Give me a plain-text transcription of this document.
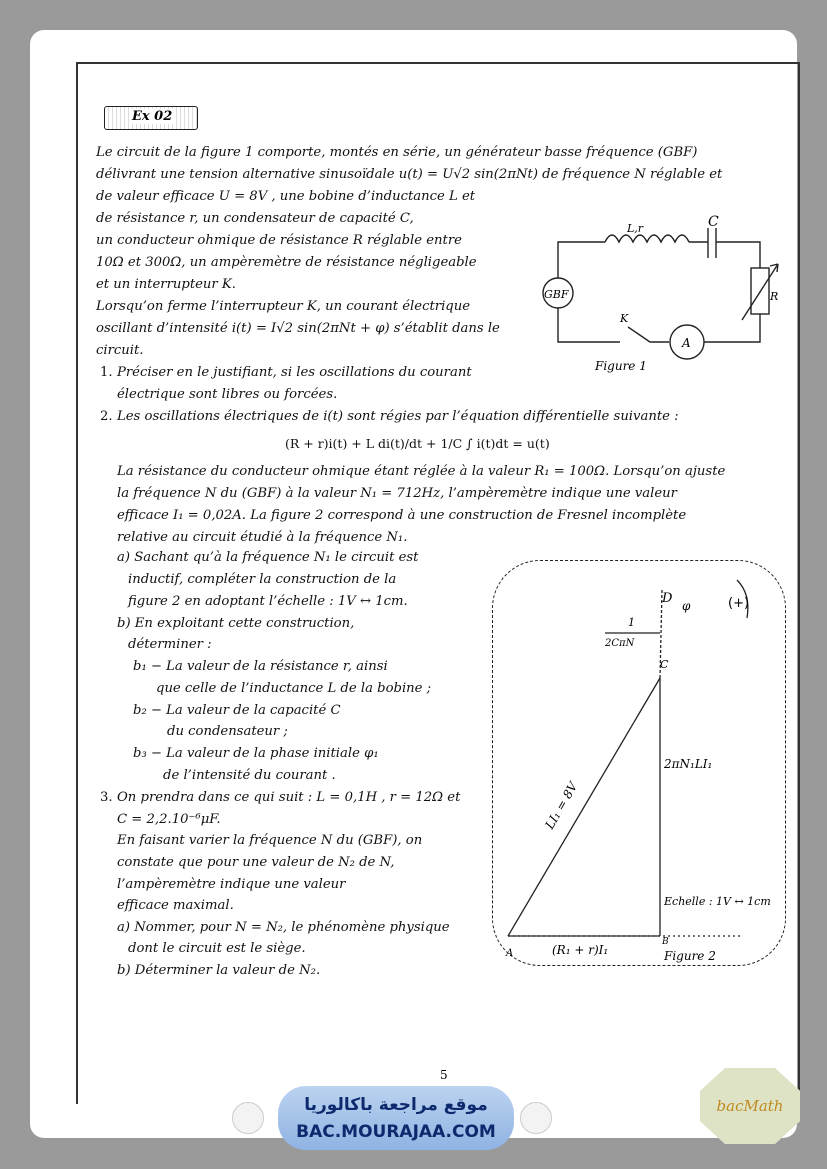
Ex 02
Le circuit de la figure 1 comporte, montés en série, un générateur basse fréquence (GBF)
délivrant une tension alternative sinusoïdale u(t) = U√2 sin(2πNt) de fréquence N réglable et
de valeur efficace U = 8V , une bobine d’inductance L et
de résistance r, un condensateur de capacité C,
un conducteur ohmique de résistance R réglable entre
10Ω et 300Ω, un ampèremètre de résistance négligeable
et un interrupteur K.
Lorsqu’on ferme l’interrupteur K, un courant électrique
oscillant d’intensité i(t) = I√2 sin(2πNt + φ) s’établit dans le
circuit.
1. Préciser en le justifiant, si les oscillations du courant
électrique sont libres ou forcées.
2. Les oscillations électriques de i(t) sont régies par l’équation différentielle suivante :
(R + r)i(t) + L di(t)/dt + 1/C ∫ i(t)dt = u(t)
La résistance du conducteur ohmique étant réglée à la valeur R₁ = 100Ω. Lorsqu’on ajuste
la fréquence N du (GBF) à la valeur N₁ = 712Hz, l’ampèremètre indique une valeur
efficace I₁ = 0,02A. La figure 2 correspond à une construction de Fresnel incomplète
relative au circuit étudié à la fréquence N₁.
a) Sachant qu’à la fréquence N₁ le circuit est
inductif, compléter la construction de la
figure 2 en adoptant l’échelle : 1V ↔ 1cm.
b) En exploitant cette construction,
déterminer :
b₁ − La valeur de la résistance r, ainsi
que celle de l’inductance L de la bobine ;
b₂ − La valeur de la capacité C
du condensateur ;
b₃ − La valeur de la phase initiale φ₁
de l’intensité du courant .
3. On prendra dans ce qui suit : L = 0,1H , r = 12Ω et
C = 2,2.10⁻⁶μF.
En faisant varier la fréquence N du (GBF), on
constate que pour une valeur de N₂ de N,
l’ampèremètre indique une valeur
efficace maximal.
a) Nommer, pour N = N₂, le phénomène physique
dont le circuit est le siège.
b) Déterminer la valeur de N₂.
GBF
L,r	C
R
K
A
Figure 1
(+)
1
2CπN
D φ
C
2πN₁LI₁
LI₁ = 8V
Echelle : 1V ↔ 1cm
A
B
(R₁ + r)I₁	Figure 2
5
موقع مراجعة باكالوريا
BAC.MOURAJAA.COM
bacMath
